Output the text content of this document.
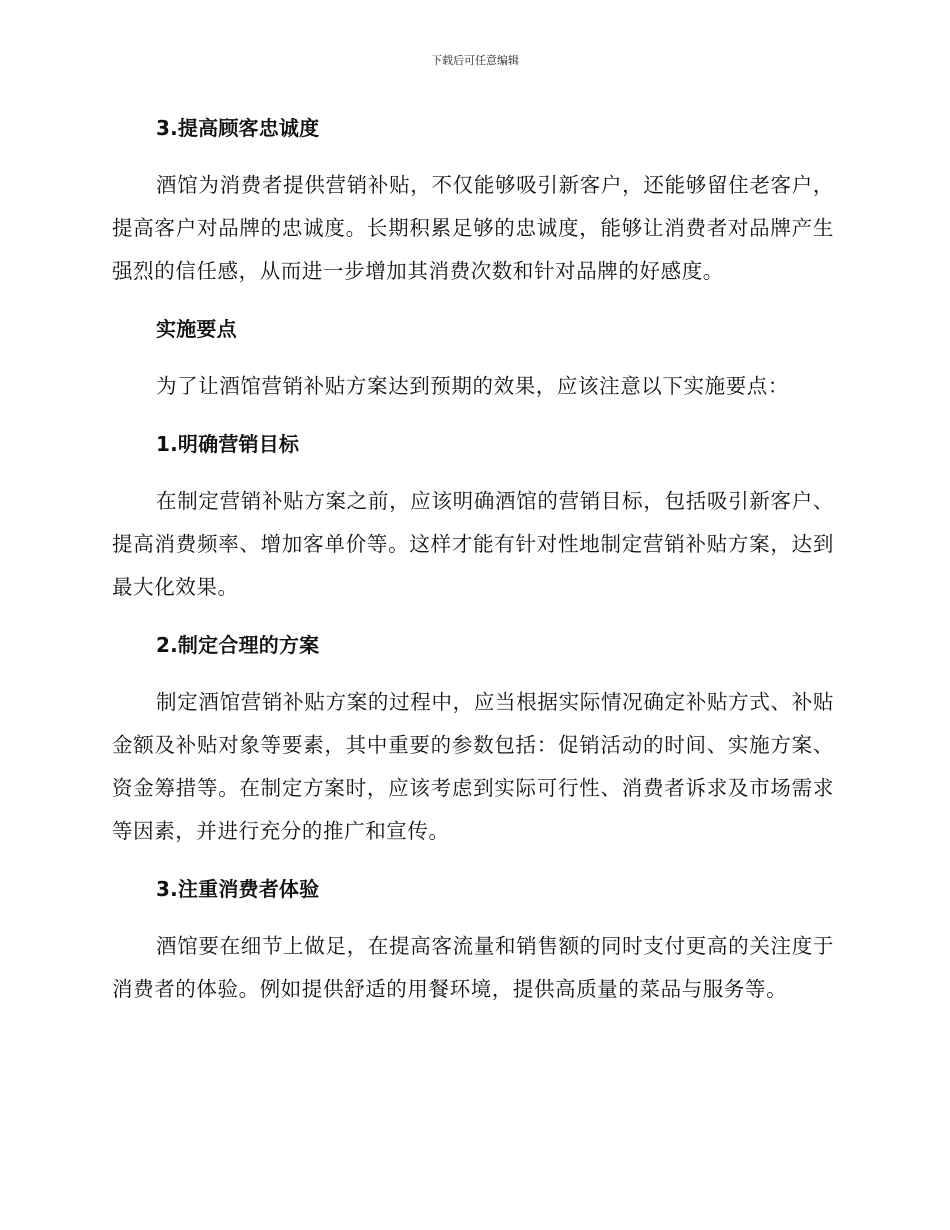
下载后可任意编辑
3.提高顾客忠诚度

酒馆为消费者提供营销补贴，不仅能够吸引新客户，还能够留住老客户，提高客户对品牌的忠诚度。长期积累足够的忠诚度，能够让消费者对品牌产生强烈的信任感，从而进一步增加其消费次数和针对品牌的好感度。

实施要点

为了让酒馆营销补贴方案达到预期的效果，应该注意以下实施要点：

1.明确营销目标

在制定营销补贴方案之前，应该明确酒馆的营销目标，包括吸引新客户、提高消费频率、增加客单价等。这样才能有针对性地制定营销补贴方案，达到最大化效果。

2.制定合理的方案

制定酒馆营销补贴方案的过程中，应当根据实际情况确定补贴方式、补贴金额及补贴对象等要素，其中重要的参数包括：促销活动的时间、实施方案、资金筹措等。在制定方案时，应该考虑到实际可行性、消费者诉求及市场需求等因素，并进行充分的推广和宣传。

3.注重消费者体验

酒馆要在细节上做足，在提高客流量和销售额的同时支付更高的关注度于消费者的体验。例如提供舒适的用餐环境，提供高质量的菜品与服务等。
